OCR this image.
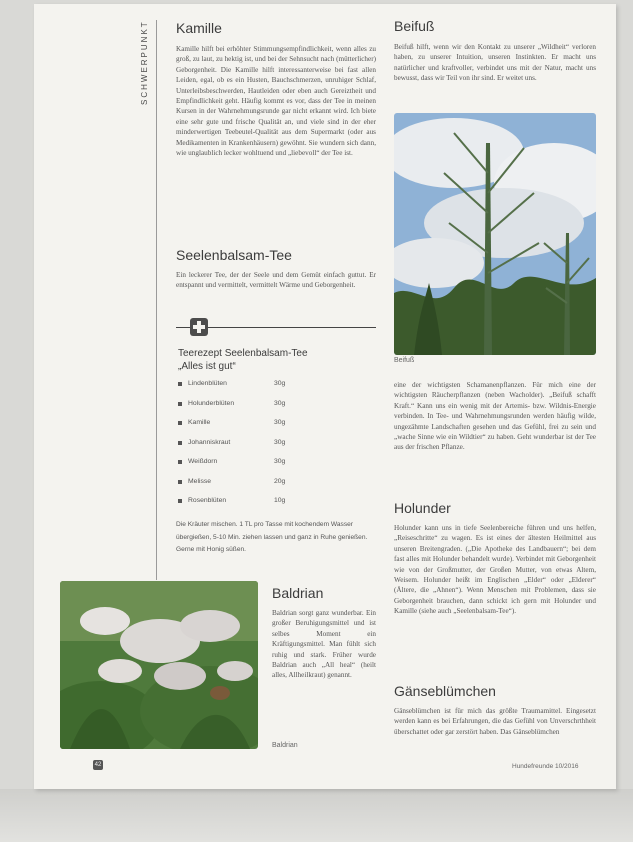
SCHWERPUNKT	Kamille

Kamille hilft bei erhöhter Stimmungsempfindlichkeit, wenn alles zu groß, zu laut, zu hektig ist, und bei der Sehnsucht nach (mütterlicher) Geborgenheit. Die Kamille hilft interessanterweise bei fast allen Leiden, egal, ob es ein Husten, Bauchschmerzen, unruhiger Schlaf, Unterleibsbeschwerden, Hautleiden oder eben auch Gereiztheit und Empfindlichkeit geht. Häufig kommt es vor, dass der Tee in meinen Kursen in der Wahrnehmungsrunde gar nicht erkannt wird. Ich biete eine sehr gute und frische Qualität an, und viele sind in der eher minderwertigen Teebeutel-Qualität aus dem Supermarkt (oder aus Medikamenten in Krankenhäusern) gewöhnt. Sie wundern sich dann, wie unglaublich lecker wohltuend und „liebevoll“ der Tee ist.

Seelenbalsam-Tee

Ein leckerer Tee, der der Seele und dem Gemüt einfach guttut. Er entspannt und vermittelt, vermittelt Wärme und Geborgenheit.

Teerezept Seelenbalsam-Tee
„Alles ist gut“
Lindenblüten	30g
Holunderblüten	30g
Kamille	30g
Johanniskraut	30g
Weißdorn	30g
Melisse	20g
Rosenblüten	10g
Die Kräuter mischen. 1 TL pro Tasse mit kochendem Wasser übergießen, 5-10 Min. ziehen lassen und ganz in Ruhe genießen. Gerne mit Honig süßen.
Baldrian

Baldrian sorgt ganz wunderbar. Ein großer Beruhigungsmittel und ist selbes Moment ein Kräftigungsmittel. Man fühlt sich ruhig und stark. Früher wurde Baldrian auch „All heal“ (heilt alles, Allheilkraut) genannt.

Baldrian
Beifuß

Beifuß hilft, wenn wir den Kontakt zu unserer „Wildheit“ verloren haben, zu unserer Intuition, unseren Instinkten. Er macht uns natürlicher und kraftvoller, verbindet uns mit der Natur, macht uns bewusst, dass wir Teil von ihr sind. Er weitet uns.

Beifuß

eine der wichtigsten Schamanenpflanzen. Für mich eine der wichtigsten Räucherpflanzen (neben Wacholder). „Beifuß schafft Kraft.“ Kann uns ein wenig mit der Artemis- bzw. Wildnis-Energie verbinden. In Tee- und Wahrnehmungsrunden werden häufig wilde, ungezähmte Landschaften gesehen und das Gefühl, frei zu sein und „wache Sinne wie ein Wildtier“ zu haben. Geht wunderbar ist der Tee aus der frischen Pflanze.

Holunder

Holunder kann uns in tiefe Seelenbereiche führen und uns helfen, „Reiseschritte“ zu wagen. Es ist eines der ältesten Heilmittel aus unseren Breitengraden. („Die Apotheke des Landbauern“; bei dem fast alles mit Holunder behandelt wurde). Verbindet mit Geborgenheit wie von der Großmutter, der Großen Mutter, von etwas Altem, Weisem. Holunder heißt im Englischen „Elder“ oder „Elderer“ (Ältere, die „Ahnen“). Wenn Menschen mit Problemen, dass sie Geborgenheit brauchen, dann schickt ich gern mit Holunder und Kamille (siehe auch „Seelenbalsam-Tee“).

Gänseblümchen

Gänseblümchen ist für mich das größte Traumamittel. Eingesetzt werden kann es bei Erfahrungen, die das Gefühl von Unverschrthheit überschattet oder gar zerstört haben. Das Gänseblümchen

42	Hundefreunde 10/2016
